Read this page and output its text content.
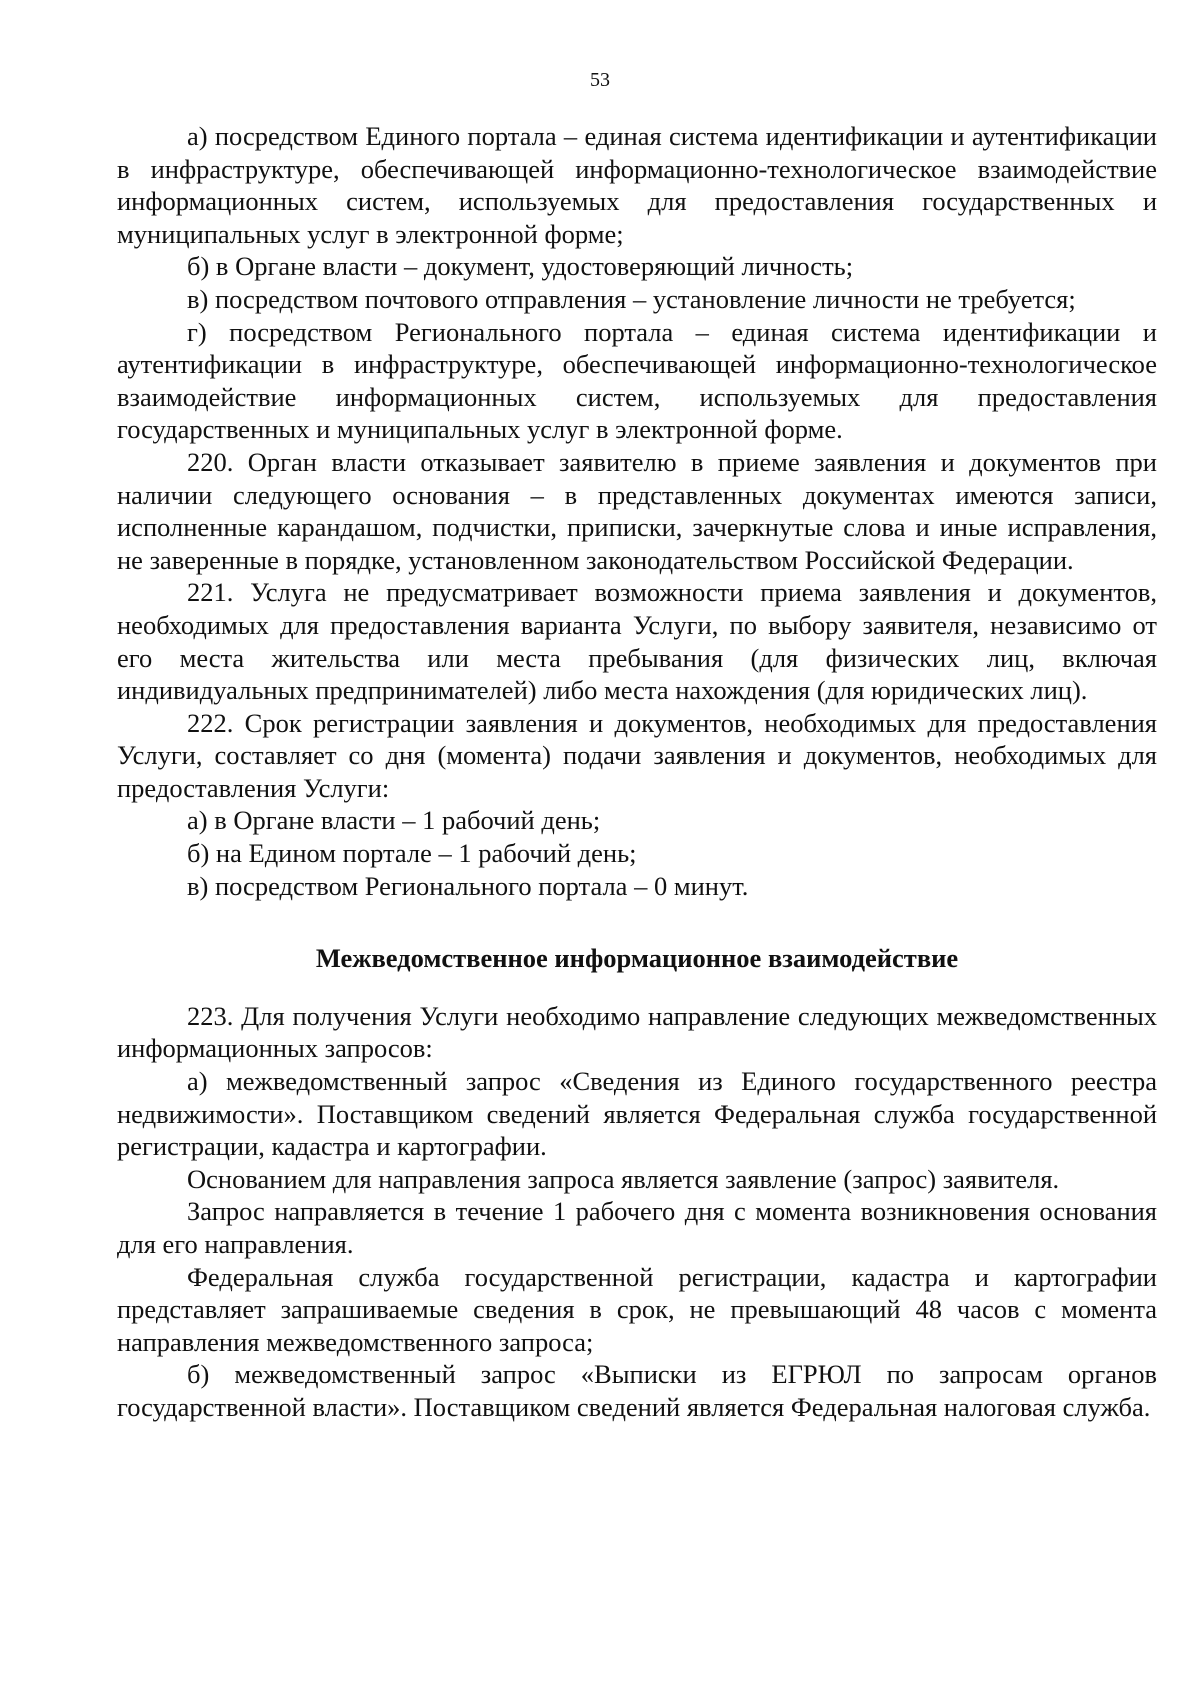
53

а) посредством Единого портала – единая система идентификации и аутентификации в инфраструктуре, обеспечивающей информационно-технологическое взаимодействие информационных систем, используемых для предоставления государственных и муниципальных услуг в электронной форме;

б) в Органе власти – документ, удостоверяющий личность;

в) посредством почтового отправления – установление личности не требуется;

г) посредством Регионального портала – единая система идентификации и аутентификации в инфраструктуре, обеспечивающей информационно-технологическое взаимодействие информационных систем, используемых для предоставления государственных и муниципальных услуг в электронной форме.

220. Орган власти отказывает заявителю в приеме заявления и документов при наличии следующего основания – в представленных документах имеются записи, исполненные карандашом, подчистки, приписки, зачеркнутые слова и иные исправления, не заверенные в порядке, установленном законодательством Российской Федерации.

221. Услуга не предусматривает возможности приема заявления и документов, необходимых для предоставления варианта Услуги, по выбору заявителя, независимо от его места жительства или места пребывания (для физических лиц, включая индивидуальных предпринимателей) либо места нахождения (для юридических лиц).

222. Срок регистрации заявления и документов, необходимых для предоставления Услуги, составляет со дня (момента) подачи заявления и документов, необходимых для предоставления Услуги:

а) в Органе власти – 1 рабочий день;

б) на Едином портале – 1 рабочий день;

в) посредством Регионального портала – 0 минут.

Межведомственное информационное взаимодействие

223. Для получения Услуги необходимо направление следующих межведомственных информационных запросов:

а) межведомственный запрос «Сведения из Единого государственного реестра недвижимости». Поставщиком сведений является Федеральная служба государственной регистрации, кадастра и картографии.

Основанием для направления запроса является заявление (запрос) заявителя.

Запрос направляется в течение 1 рабочего дня с момента возникновения основания для его направления.

Федеральная служба государственной регистрации, кадастра и картографии представляет запрашиваемые сведения в срок, не превышающий 48 часов с момента направления межведомственного запроса;

б) межведомственный запрос «Выписки из ЕГРЮЛ по запросам органов государственной власти». Поставщиком сведений является Федеральная налоговая служба.
